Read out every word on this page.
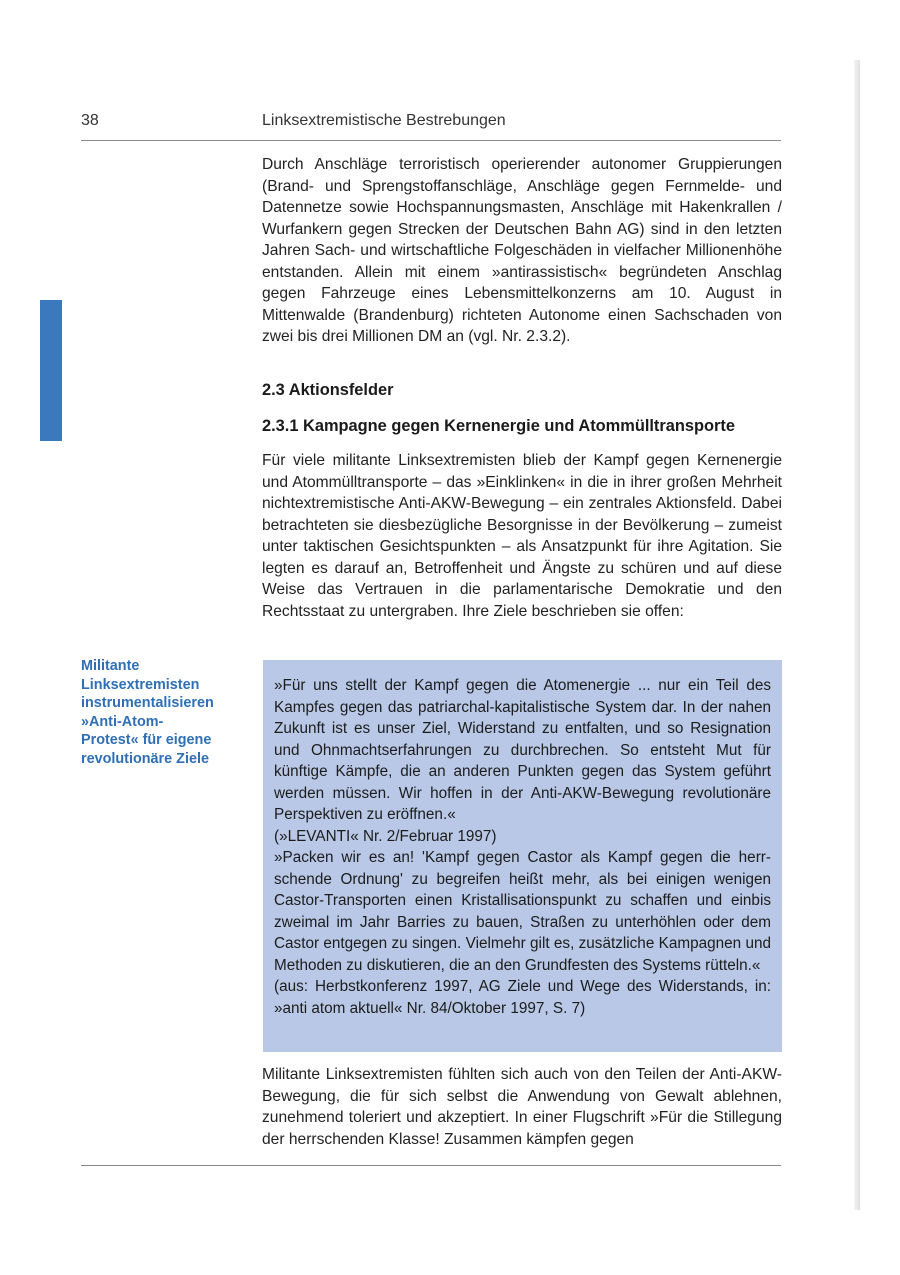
38	Linksextremistische Bestrebungen

Durch Anschläge terroristisch operierender autonomer Gruppierungen (Brand- und Sprengstoffanschläge, Anschläge gegen Fernmelde- und Datennetze sowie Hochspannungsmasten, Anschläge mit Hakenkrallen / Wurfankern gegen Strecken der Deutschen Bahn AG) sind in den letzten Jahren Sach- und wirtschaftliche Folgeschäden in vielfacher Millionenhöhe entstanden. Allein mit einem »antirassistisch« begründeten Anschlag gegen Fahrzeuge eines Lebensmittelkonzerns am 10. August in Mittenwalde (Brandenburg) richteten Autonome einen Sachschaden von zwei bis drei Millionen DM an (vgl. Nr. 2.3.2).

2.3 Aktionsfelder
2.3.1 Kampagne gegen Kernenergie und Atommülltransporte

Für viele militante Linksextremisten blieb der Kampf gegen Kernenergie und Atommülltransporte – das »Einklinken« in die in ihrer großen Mehrheit nichtextremistische Anti-AKW-Bewegung – ein zentrales Aktionsfeld. Dabei betrachteten sie diesbezügliche Besorgnisse in der Bevölkerung – zumeist unter taktischen Gesichtspunkten – als Ansatzpunkt für ihre Agitation. Sie legten es darauf an, Betroffenheit und Ängste zu schüren und auf diese Weise das Vertrauen in die parlamentarische Demokratie und den Rechtsstaat zu untergraben. Ihre Ziele beschrieben sie offen:

Militante
Linksextremisten
instrumentalisieren
»Anti-Atom-
Protest« für eigene
revolutionäre Ziele

»Für uns stellt der Kampf gegen die Atomenergie ... nur ein Teil des Kampfes gegen das patriarchal-kapitalistische System dar. In der nahen Zukunft ist es unser Ziel, Widerstand zu entfalten, und so Resignation und Ohnmachtserfahrungen zu durchbrechen. So entsteht Mut für künftige Kämpfe, die an anderen Punkten gegen das System geführt werden müssen. Wir hoffen in der Anti-AKW-Bewegung revolutionäre Perspektiven zu eröffnen.«

(»LEVANTI« Nr. 2/Februar 1997)

»Packen wir es an! 'Kampf gegen Castor als Kampf gegen die herrschende Ordnung' zu begreifen heißt mehr, als bei einigen wenigen Castor-Transporten einen Kristallisationspunkt zu schaffen und einbis zweimal im Jahr Barries zu bauen, Straßen zu unterhöhlen oder dem Castor entgegen zu singen. Vielmehr gilt es, zusätzliche Kampagnen und Methoden zu diskutieren, die an den Grundfesten des Systems rütteln.«

(aus: Herbstkonferenz 1997, AG Ziele und Wege des Widerstands, in: »anti atom aktuell« Nr. 84/Oktober 1997, S. 7)

Militante Linksextremisten fühlten sich auch von den Teilen der Anti-AKW-Bewegung, die für sich selbst die Anwendung von Gewalt ablehnen, zunehmend toleriert und akzeptiert. In einer Flugschrift »Für die Stillegung der herrschenden Klasse! Zusammen kämpfen gegen
